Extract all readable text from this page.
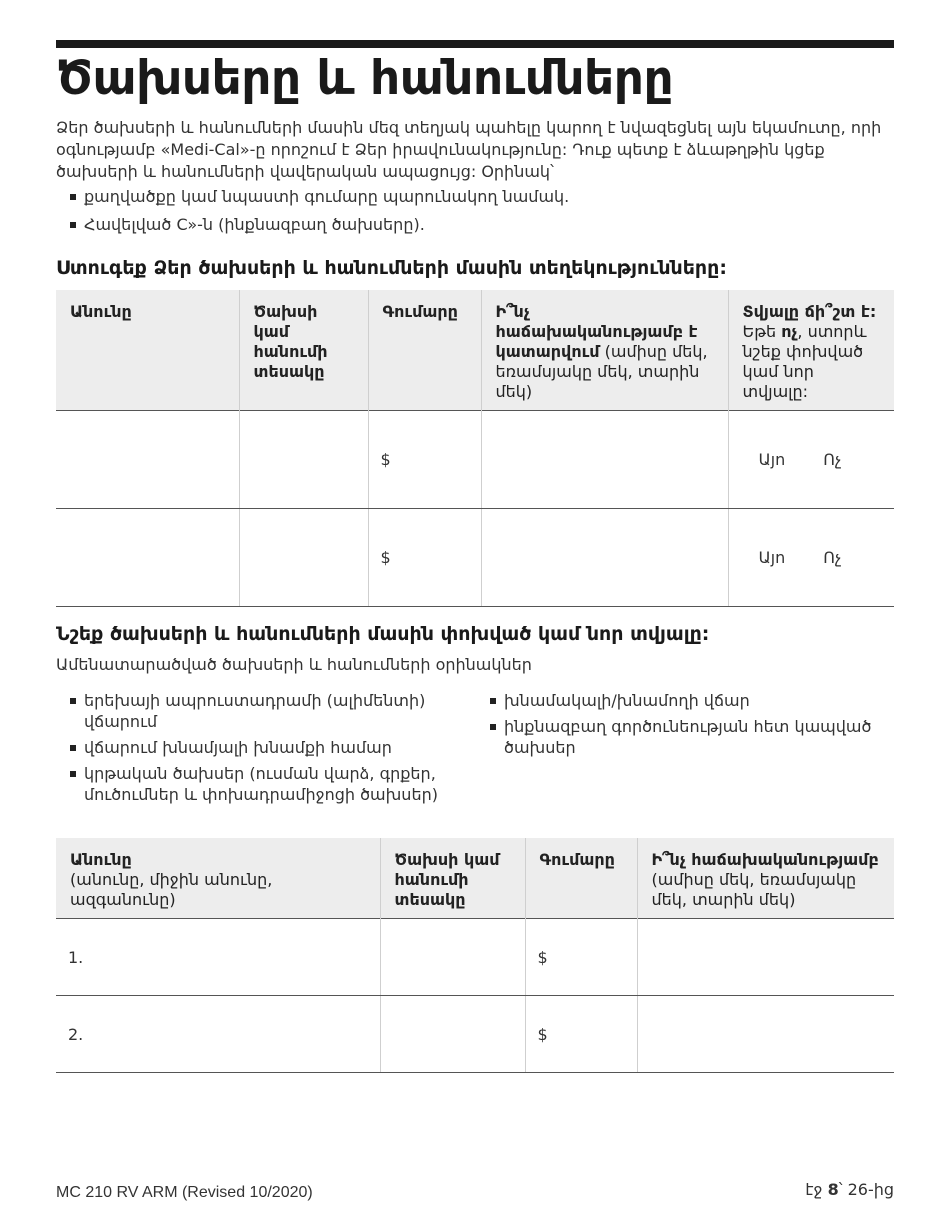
Ծախսերը և հանումները

Ձեր ծախսերի և հանումների մասին մեզ տեղյակ պահելը կարող է նվազեցնել այն եկամուտը, որի օգնությամբ «Medi-Cal»-ը որոշում է Ձեր իրավունակությունը: Դուք պետք է ձևաթղթին կցեք ծախսերի և հանումների վավերական ապացույց: Օրինակ՝

քաղվածքը կամ նպաստի գումարը պարունակող նամակ.
Հավելված C»-ն (ինքնազբաղ ծախսերը).
Ստուգեք Ձեր ծախսերի և հանումների մասին տեղեկությունները:
Անունը	Ծախսի կամ հանումի տեսակը	Գումարը	Ի՞նչ հաճախականությամբ է կատարվում (ամիսը մեկ, եռամսյակը մեկ, տարին մեկ)	Տվյալը ճի՞շտ է: Եթե ոչ, ստորև նշեք փոխված կամ նոր տվյալը:
		$		Այո Ոչ

		$		Այո Ոչ
Նշեք ծախսերի և հանումների մասին փոխված կամ նոր տվյալը:

Ամենատարածված ծախսերի և հանումների օրինակներ

երեխայի ապրուստադրամի (ալիմենտի) վճարում
վճարում խնամյալի խնամքի համար
կրթական ծախսեր (ուսման վարձ, գրքեր, մուծումներ և փոխադրամիջոցի ծախսեր)
խնամակալի/խնամողի վճար
ինքնազբաղ գործունեության հետ կապված ծախսեր
Անունը
(անունը, միջին անունը, ազգանունը)	Ծախսի կամ հանումի տեսակը	Գումարը	Ի՞նչ հաճախականությամբ
(ամիսը մեկ, եռամսյակը մեկ, տարին մեկ)
1.		$	
2.		$	
MC 210 RV ARM (Revised 10/2020)	էջ 8՝ 26-ից
